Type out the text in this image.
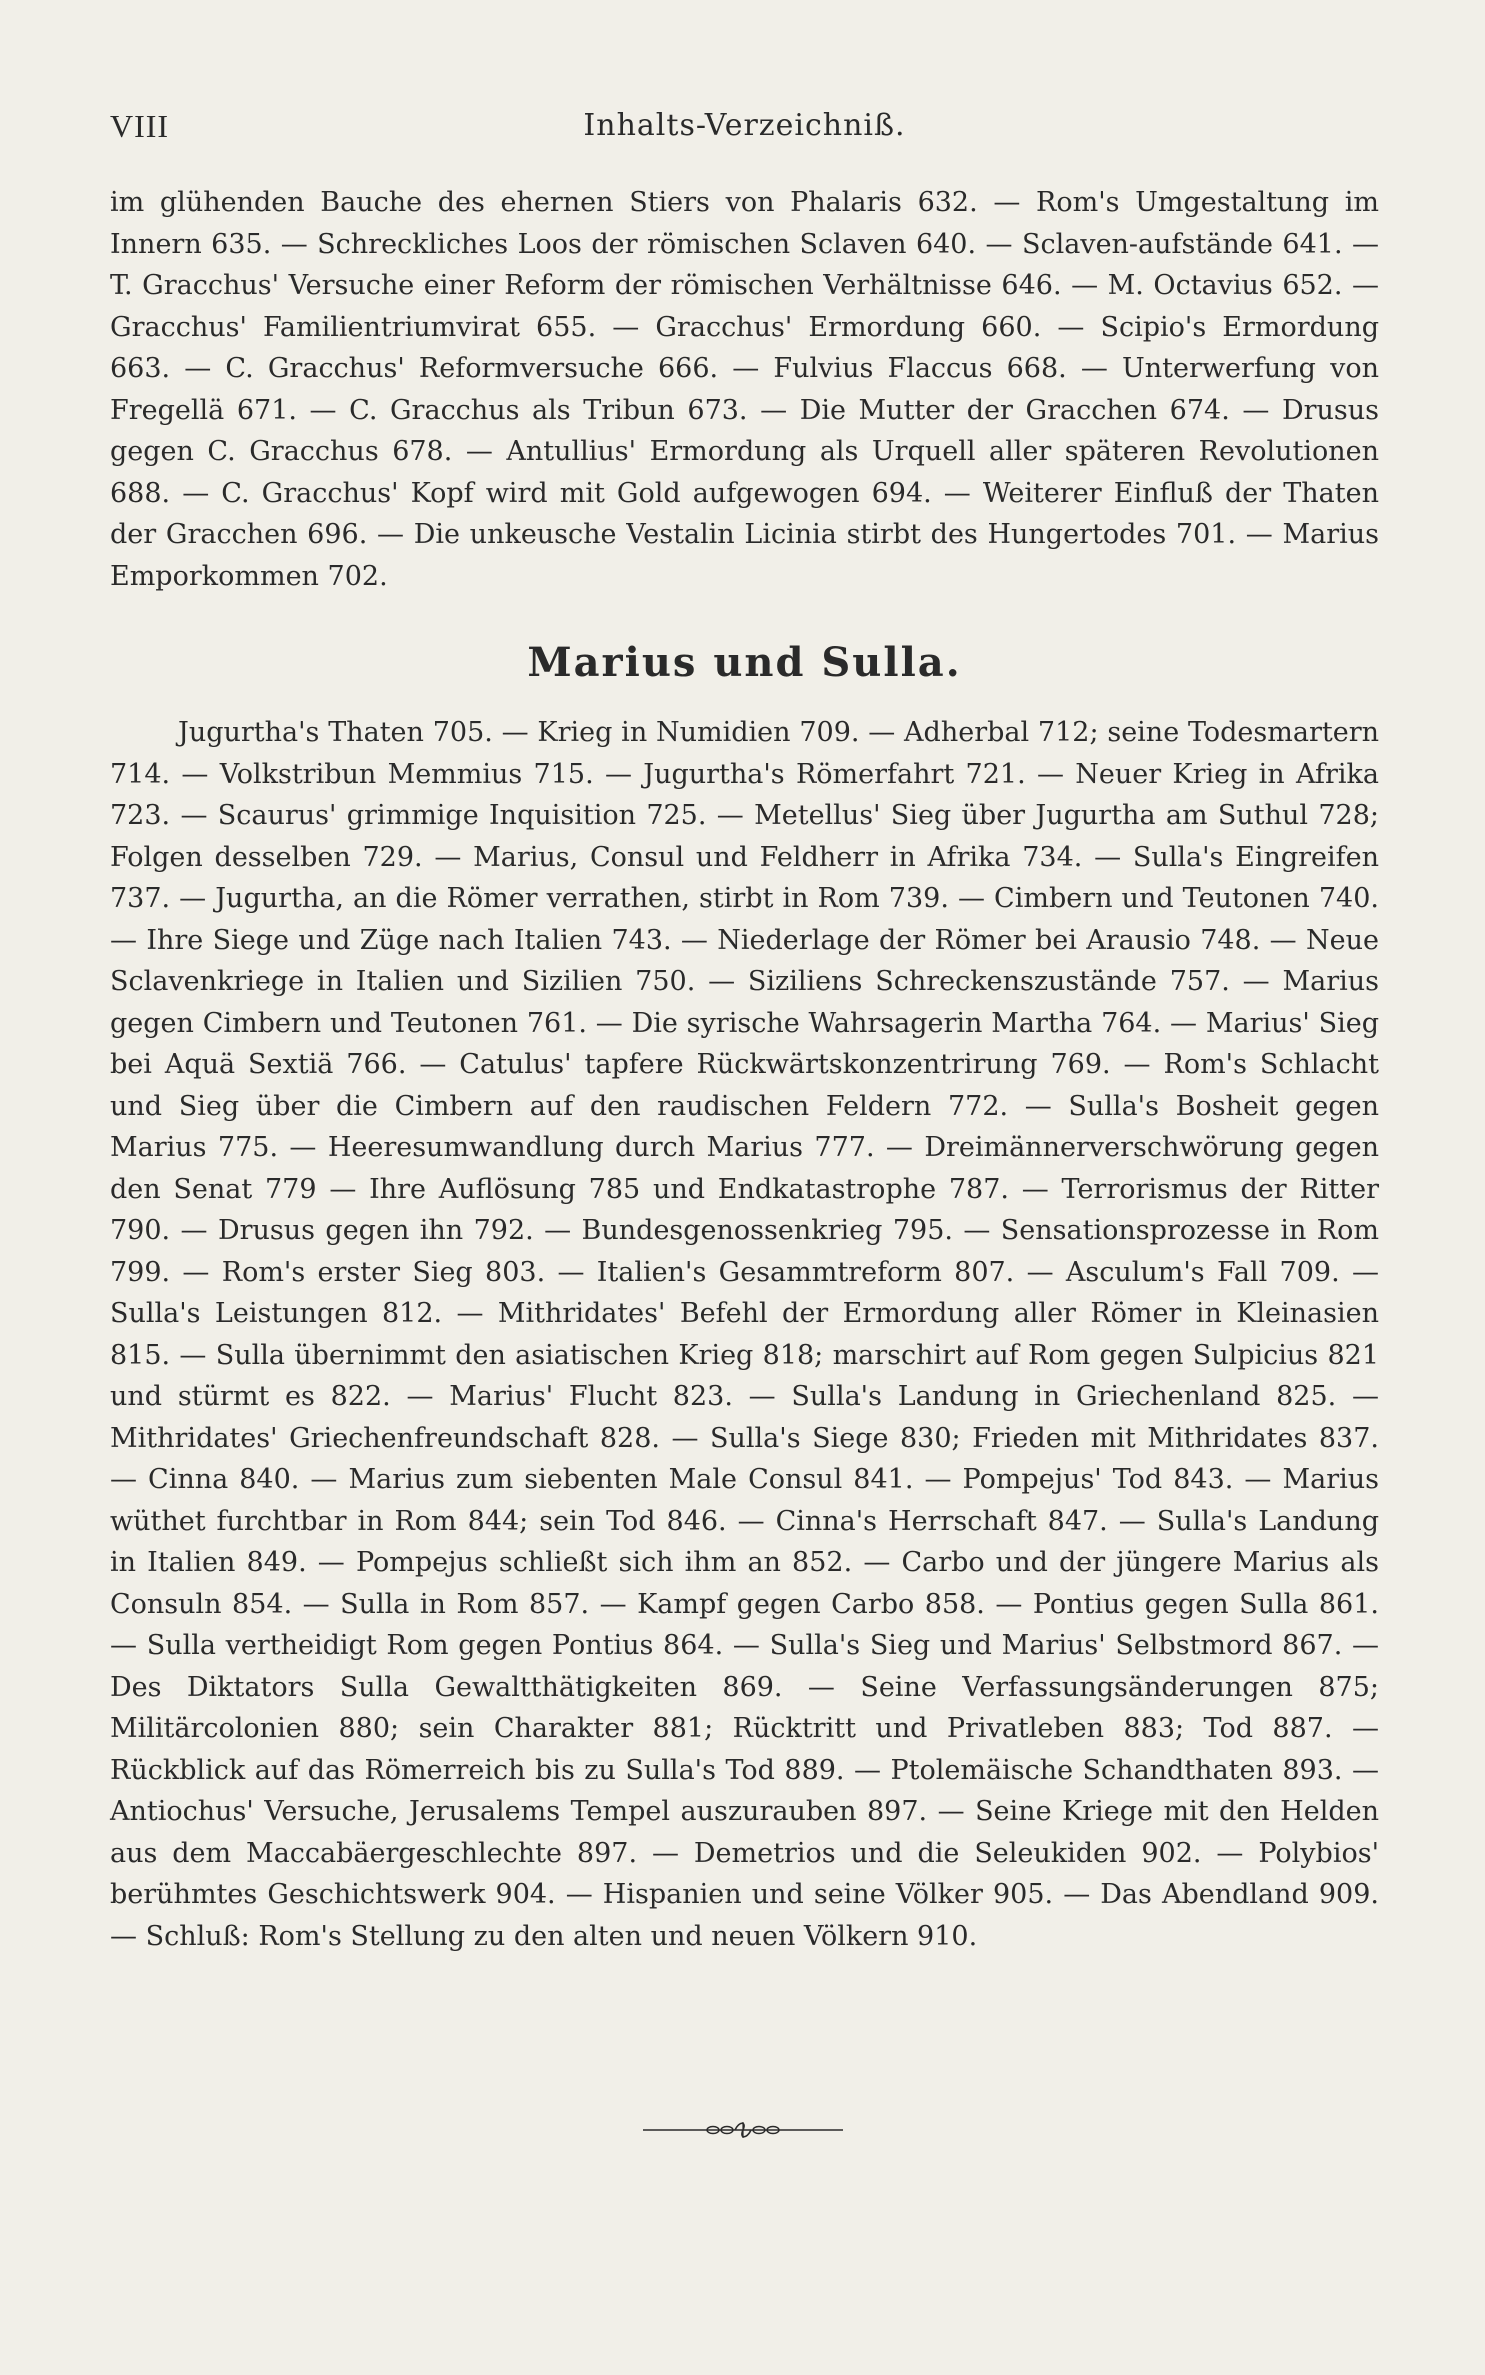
VIII	Inhalts-Verzeichniß.
im glühenden Bauche des ehernen Stiers von Phalaris 632. — Rom's Umgestaltung im Innern 635. — Schreckliches Loos der römischen Sclaven 640. — Sclaven-aufstände 641. — T. Gracchus' Versuche einer Reform der römischen Verhältnisse 646. — M. Octavius 652. — Gracchus' Familientriumvirat 655. — Gracchus' Ermordung 660. — Scipio's Ermordung 663. — C. Gracchus' Reformversuche 666. — Fulvius Flaccus 668. — Unterwerfung von Fregellä 671. — C. Gracchus als Tribun 673. — Die Mutter der Gracchen 674. — Drusus gegen C. Gracchus 678. — Antullius' Ermordung als Urquell aller späteren Revolutionen 688. — C. Gracchus' Kopf wird mit Gold aufgewogen 694. — Weiterer Einfluß der Thaten der Gracchen 696. — Die unkeusche Vestalin Licinia stirbt des Hungertodes 701. — Marius Emporkommen 702.
Marius und Sulla.
Jugurtha's Thaten 705. — Krieg in Numidien 709. — Adherbal 712; seine Todesmartern 714. — Volkstribun Memmius 715. — Jugurtha's Römerfahrt 721. — Neuer Krieg in Afrika 723. — Scaurus' grimmige Inquisition 725. — Metellus' Sieg über Jugurtha am Suthul 728; Folgen desselben 729. — Marius, Consul und Feldherr in Afrika 734. — Sulla's Eingreifen 737. — Jugurtha, an die Römer verrathen, stirbt in Rom 739. — Cimbern und Teutonen 740. — Ihre Siege und Züge nach Italien 743. — Niederlage der Römer bei Arausio 748. — Neue Sclavenkriege in Italien und Sizilien 750. — Siziliens Schreckenszustände 757. — Marius gegen Cimbern und Teutonen 761. — Die syrische Wahrsagerin Martha 764. — Marius' Sieg bei Aquä Sextiä 766. — Catulus' tapfere Rückwärtskonzentrirung 769. — Rom's Schlacht und Sieg über die Cimbern auf den raudischen Feldern 772. — Sulla's Bosheit gegen Marius 775. — Heeresumwandlung durch Marius 777. — Dreimännerverschwörung gegen den Senat 779 — Ihre Auflösung 785 und Endkatastrophe 787. — Terrorismus der Ritter 790. — Drusus gegen ihn 792. — Bundesgenossenkrieg 795. — Sensationsprozesse in Rom 799. — Rom's erster Sieg 803. — Italien's Gesammtreform 807. — Asculum's Fall 709. — Sulla's Leistungen 812. — Mithridates' Befehl der Ermordung aller Römer in Kleinasien 815. — Sulla übernimmt den asiatischen Krieg 818; marschirt auf Rom gegen Sulpicius 821 und stürmt es 822. — Marius' Flucht 823. — Sulla's Landung in Griechenland 825. — Mithridates' Griechenfreundschaft 828. — Sulla's Siege 830; Frieden mit Mithridates 837. — Cinna 840. — Marius zum siebenten Male Consul 841. — Pompejus' Tod 843. — Marius wüthet furchtbar in Rom 844; sein Tod 846. — Cinna's Herrschaft 847. — Sulla's Landung in Italien 849. — Pompejus schließt sich ihm an 852. — Carbo und der jüngere Marius als Consuln 854. — Sulla in Rom 857. — Kampf gegen Carbo 858. — Pontius gegen Sulla 861. — Sulla vertheidigt Rom gegen Pontius 864. — Sulla's Sieg und Marius' Selbstmord 867. — Des Diktators Sulla Gewaltthätigkeiten 869. — Seine Verfassungsänderungen 875; Militärcolonien 880; sein Charakter 881; Rücktritt und Privatleben 883; Tod 887. — Rückblick auf das Römerreich bis zu Sulla's Tod 889. — Ptolemäische Schandthaten 893. — Antiochus' Versuche, Jerusalems Tempel auszurauben 897. — Seine Kriege mit den Helden aus dem Maccabäergeschlechte 897. — Demetrios und die Seleukiden 902. — Polybios' berühmtes Geschichtswerk 904. — Hispanien und seine Völker 905. — Das Abendland 909. — Schluß: Rom's Stellung zu den alten und neuen Völkern 910.
